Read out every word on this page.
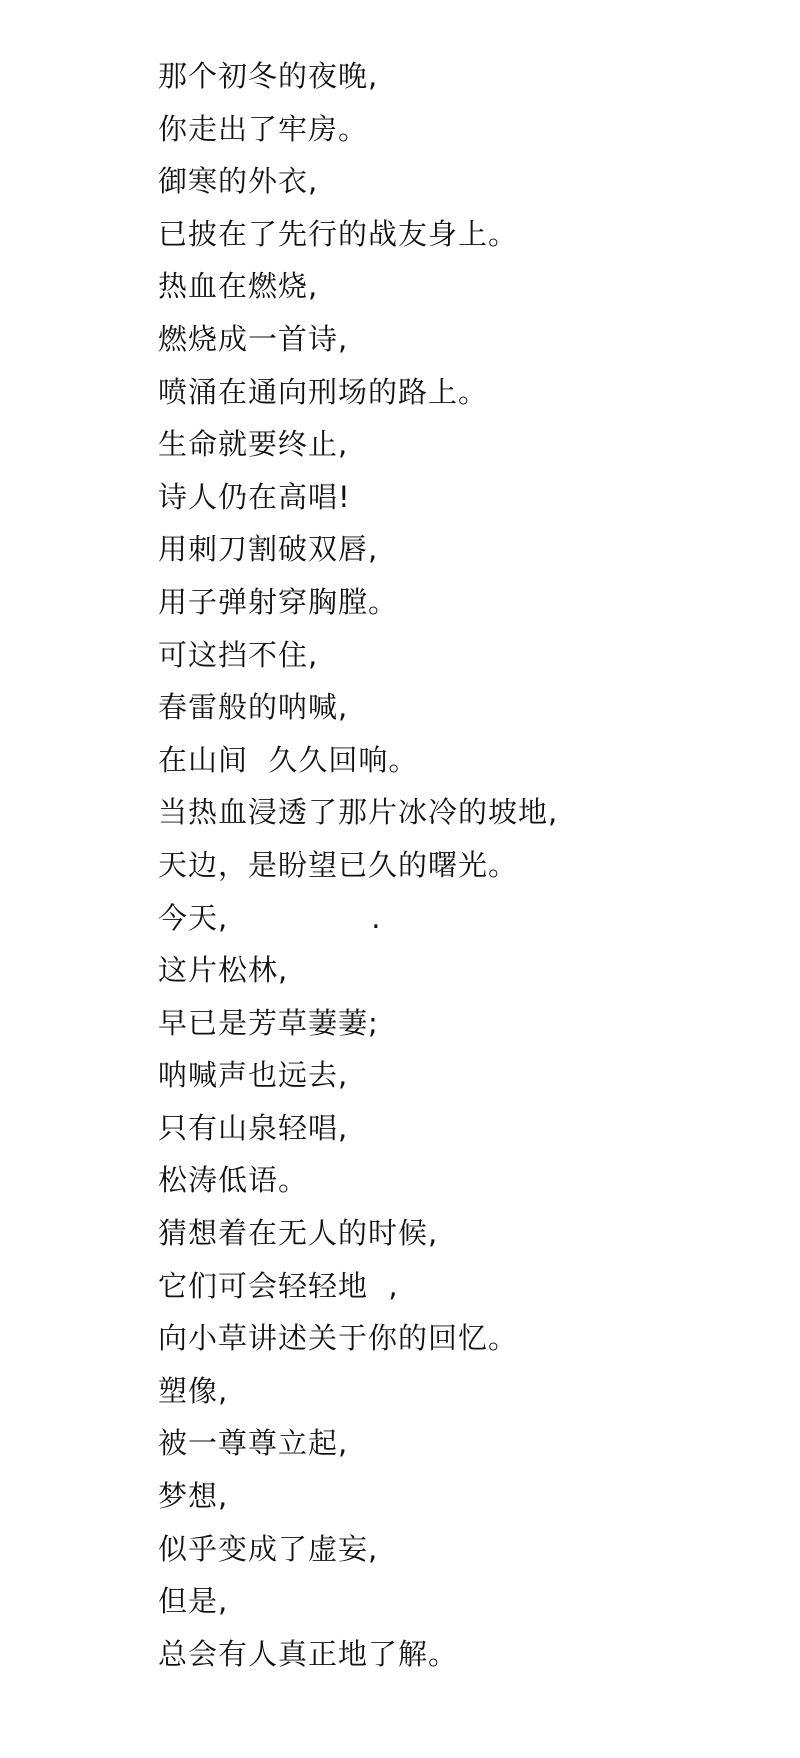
那个初冬的夜晚,
你走出了牢房。
御寒的外衣,
已披在了先行的战友身上。
热血在燃烧,
燃烧成一首诗,
喷涌在通向刑场的路上。
生命就要终止,
诗人仍在高唱!
用刺刀割破双唇,
用子弹射穿胸膛。
可这挡不住,
春雷般的呐喊,
在山间  久久回响。
当热血浸透了那片冰冷的坡地,
天边，是盼望已久的曙光。
今天,              .
这片松林,
早已是芳草萋萋;
呐喊声也远去,
只有山泉轻唱,
松涛低语。
猜想着在无人的时候,
它们可会轻轻地  ,
向小草讲述关于你的回忆。
塑像,
被一尊尊立起,
梦想,
似乎变成了虚妄,
但是,
总会有人真正地了解。
